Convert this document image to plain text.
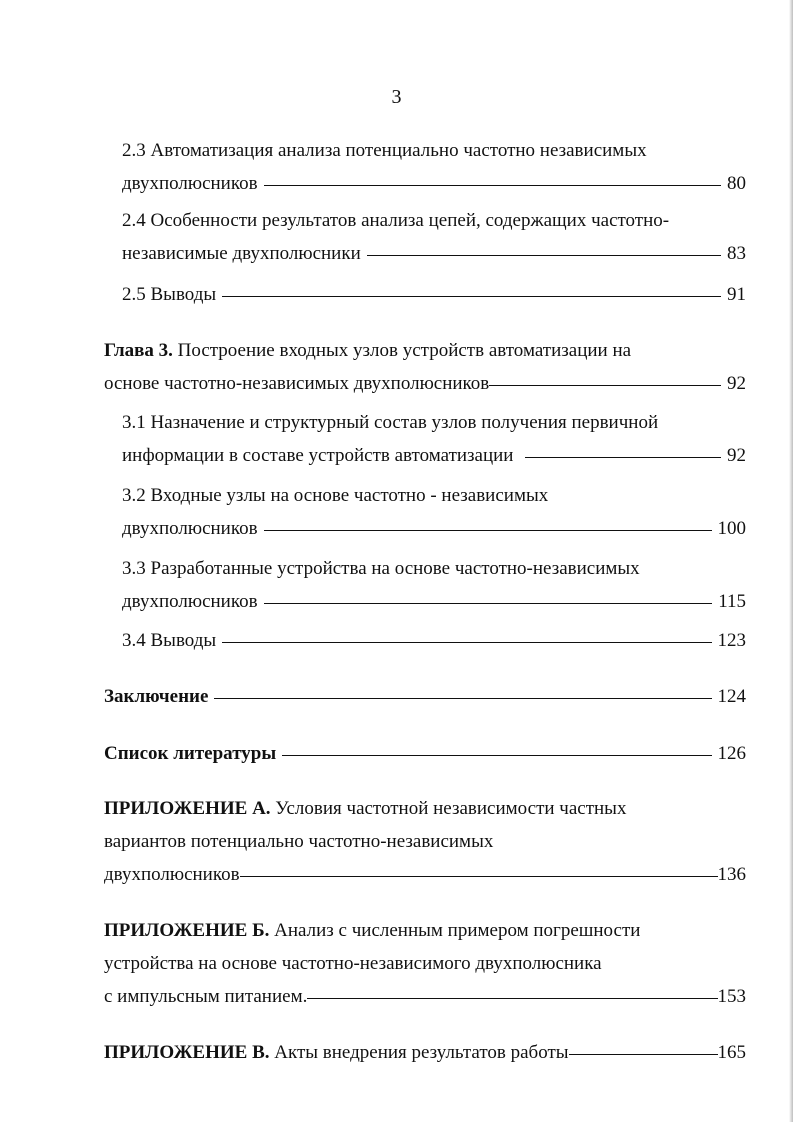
3
2.3 Автоматизация анализа потенциально частотно независимых
двухполюсников	80
2.4 Особенности результатов анализа цепей, содержащих частотно-
независимые двухполюсники	83
2.5 Выводы	91
Глава 3. Построение входных узлов устройств автоматизации на
основе частотно-независимых двухполюсников	92
3.1 Назначение и структурный состав узлов получения первичной
информации в составе устройств автоматизации	92
3.2 Входные узлы на основе частотно - независимых
двухполюсников	100
3.3 Разработанные устройства на основе частотно-независимых
двухполюсников	115
3.4 Выводы	123
Заключение	124
Список литературы	126
ПРИЛОЖЕНИЕ А. Условия частотной независимости частных
вариантов потенциально частотно-независимых
двухполюсников	136
ПРИЛОЖЕНИЕ Б. Анализ с численным примером погрешности
устройства на основе частотно-независимого двухполюсника
с импульсным питанием.	153
ПРИЛОЖЕНИЕ В. Акты внедрения результатов работы	165
